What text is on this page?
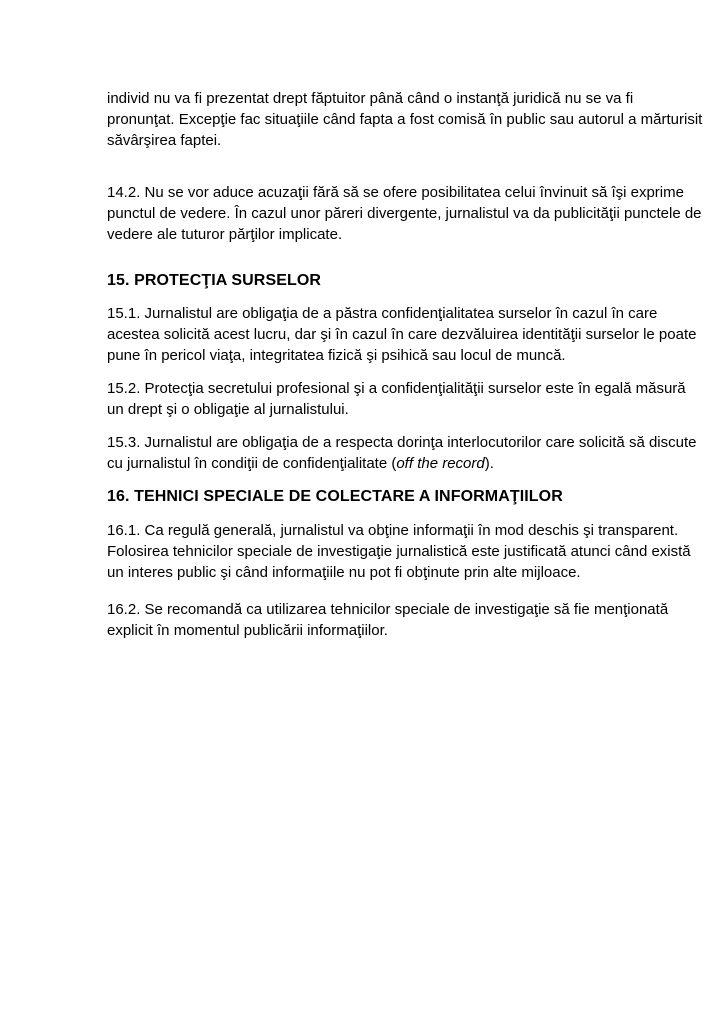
individ nu va fi prezentat drept făptuitor până când o instanţă juridică nu se va fi pronunţat. Excepţie fac situaţiile când fapta a fost comisă în public sau autorul a mărturisit săvârşirea faptei.

14.2. Nu se vor aduce acuzaţii fără să se ofere posibilitatea celui învinuit să îşi exprime punctul de vedere. În cazul unor păreri divergente, jurnalistul va da publicităţii punctele de vedere ale tuturor părţilor implicate.

15. PROTECŢIA SURSELOR

15.1. Jurnalistul are obligaţia de a păstra confidenţialitatea surselor în cazul în care acestea solicită acest lucru, dar şi în cazul în care dezvăluirea identităţii surselor le poate pune în pericol viaţa, integritatea fizică şi psihică sau locul de muncă.

15.2. Protecţia secretului profesional şi a confidenţialităţii surselor este în egală măsură un drept şi o obligaţie al jurnalistului.

15.3. Jurnalistul are obligaţia de a respecta dorinţa interlocutorilor care solicită să discute cu jurnalistul în condiţii de confidenţialitate (off the record).

16. TEHNICI SPECIALE DE COLECTARE A INFORMAŢIILOR

16.1. Ca regulă generală, jurnalistul va obţine informaţii în mod deschis şi transparent. Folosirea tehnicilor speciale de investigaţie jurnalistică este justificată atunci când există un interes public şi când informaţiile nu pot fi obţinute prin alte mijloace.

16.2. Se recomandă ca utilizarea tehnicilor speciale de investigaţie să fie menţionată explicit în momentul publicării informaţiilor.
